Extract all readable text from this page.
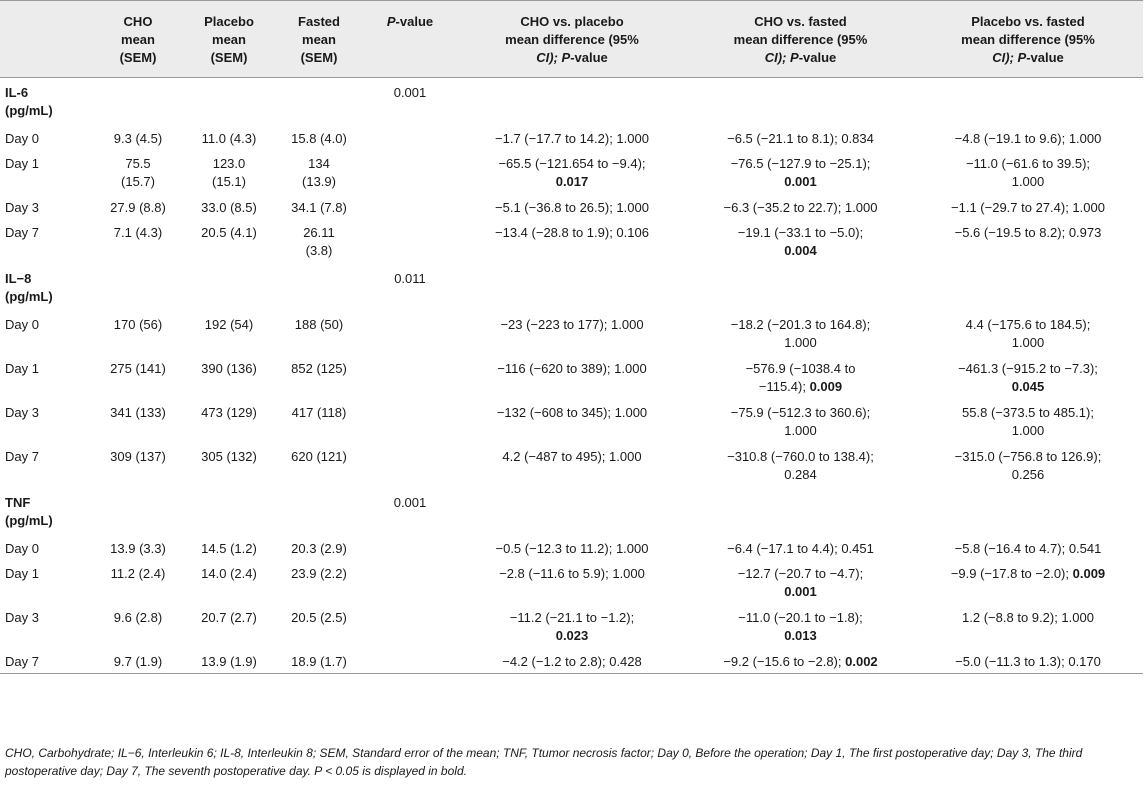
	CHO
mean
(SEM)	Placebo
mean
(SEM)	Fasted
mean
(SEM)	P-value	CHO vs. placebo
mean difference (95%
CI); P-value	CHO vs. fasted
mean difference (95%
CI); P-value	Placebo vs. fasted
mean difference (95%
CI); P-value
IL-6
(pg/mL)				0.001			
Day 0	9.3 (4.5)	11.0 (4.3)	15.8 (4.0)		−1.7 (−17.7 to 14.2); 1.000	−6.5 (−21.1 to 8.1); 0.834	−4.8 (−19.1 to 9.6); 1.000
Day 1	75.5
(15.7)	123.0
(15.1)	134
(13.9)		−65.5 (−121.654 to −9.4);
0.017	−76.5 (−127.9 to −25.1);
0.001	−11.0 (−61.6 to 39.5);
1.000
Day 3	27.9 (8.8)	33.0 (8.5)	34.1 (7.8)		−5.1 (−36.8 to 26.5); 1.000	−6.3 (−35.2 to 22.7); 1.000	−1.1 (−29.7 to 27.4); 1.000
Day 7	7.1 (4.3)	20.5 (4.1)	26.11
(3.8)		−13.4 (−28.8 to 1.9); 0.106	−19.1 (−33.1 to −5.0);
0.004	−5.6 (−19.5 to 8.2); 0.973
IL−8
(pg/mL)				0.011			
Day 0	170 (56)	192 (54)	188 (50)		−23 (−223 to 177); 1.000	−18.2 (−201.3 to 164.8);
1.000	4.4 (−175.6 to 184.5);
1.000
Day 1	275 (141)	390 (136)	852 (125)		−116 (−620 to 389); 1.000	−576.9 (−1038.4 to
−115.4); 0.009	−461.3 (−915.2 to −7.3);
0.045
Day 3	341 (133)	473 (129)	417 (118)		−132 (−608 to 345); 1.000	−75.9 (−512.3 to 360.6);
1.000	55.8 (−373.5 to 485.1);
1.000
Day 7	309 (137)	305 (132)	620 (121)		4.2 (−487 to 495); 1.000	−310.8 (−760.0 to 138.4);
0.284	−315.0 (−756.8 to 126.9);
0.256
TNF
(pg/mL)				0.001			
Day 0	13.9 (3.3)	14.5 (1.2)	20.3 (2.9)		−0.5 (−12.3 to 11.2); 1.000	−6.4 (−17.1 to 4.4); 0.451	−5.8 (−16.4 to 4.7); 0.541
Day 1	11.2 (2.4)	14.0 (2.4)	23.9 (2.2)		−2.8 (−11.6 to 5.9); 1.000	−12.7 (−20.7 to −4.7);
0.001	−9.9 (−17.8 to −2.0); 0.009
Day 3	9.6 (2.8)	20.7 (2.7)	20.5 (2.5)		−11.2 (−21.1 to −1.2);
0.023	−11.0 (−20.1 to −1.8);
0.013	1.2 (−8.8 to 9.2); 1.000
Day 7	9.7 (1.9)	13.9 (1.9)	18.9 (1.7)		−4.2 (−1.2 to 2.8); 0.428	−9.2 (−15.6 to −2.8); 0.002	−5.0 (−11.3 to 1.3); 0.170
CHO, Carbohydrate; IL−6, Interleukin 6; IL-8, Interleukin 8; SEM, Standard error of the mean; TNF, Ttumor necrosis factor; Day 0, Before the operation; Day 1, The first postoperative day; Day 3, The third postoperative day; Day 7, The seventh postoperative day. P < 0.05 is displayed in bold.
